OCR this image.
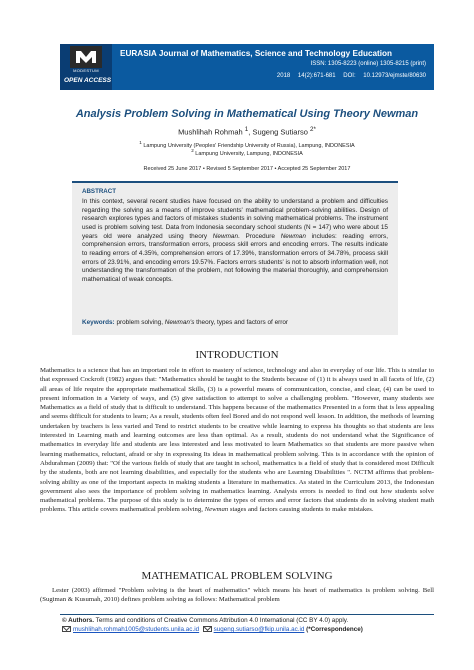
MODESTUM
OPEN ACCESS
EURASIA Journal of Mathematics, Science and Technology Education
ISSN: 1305-8223 (online) 1305-8215 (print)
2018 14(2):671-681 DOI: 10.12973/ejmste/80630
Analysis Problem Solving in Mathematical Using Theory Newman
Mushlihah Rohmah $^1$, Sugeng Sutiarso $^{2*}$
$^1$ Lampung University (Peoples' Friendship University of Russia), Lampung, INDONESIA
$^2$ Lampung University, Lampung, INDONESIA
Received 25 June 2017 • Revised 5 September 2017 • Accepted 25 September 2017
ABSTRACT
In this context, several recent studies have focused on the ability to understand a problem and difficulties regarding the solving as a means of improve students' mathematical problem-solving abilities. Design of research explores types and factors of mistakes students in solving mathematical problems. The instrument used is problem solving test. Data from Indonesia secondary school students (N = 147) who were about 15 years old were analyzed using theory Newman. Procedure Newman includes: reading errors, comprehension errors, transformation errors, process skill errors and encoding errors. The results indicate to reading errors of 4.35%, comprehension errors of 17.39%, transformation errors of 34.78%, process skill errors of 23.91%, and encoding errors 19.57%. Factors errors students' is not to absorb information well, not understanding the transformation of the problem, not following the material thoroughly, and comprehension mathematical of weak concepts.
Keywords: problem solving, Newman's theory, types and factors of error
INTRODUCTION
Mathematics is a science that has an important role in effort to mastery of science, technology and also in everyday of our life. This is similar to that expressed Cockroft (1982) argues that: "Mathematics should be taught to the Students because of (1) it is always used in all facets of life, (2) all areas of life require the appropriate mathematical Skills, (3) is a powerful means of communication, concise, and clear, (4) can be used to present information in a Variety of ways, and (5) give satisfaction to attempt to solve a challenging problem. "However, many students see Mathematics as a field of study that is difficult to understand. This happens because of the mathematics Presented in a form that is less appealing and seems difficult for students to learn; As a result, students often feel Bored and do not respond well lesson. In addition, the methods of learning undertaken by teachers is less varied and Tend to restrict students to be creative while learning to express his thoughts so that students are less interested in Learning math and learning outcomes are less than optimal. As a result, students do not understand what the Significance of mathematics in everyday life and students are less interested and less motivated to learn Mathematics so that students are more passive when learning mathematics, reluctant, afraid or shy in expressing Its ideas in mathematical problem solving. This is in accordance with the opinion of Abdurahman (2009) that: "Of the various fields of study that are taught in school, mathematics is a field of study that is considered most Difficult by the students, both are not learning disabilities, and especially for the students who are Learning Disabilities ". NCTM affirms that problem-solving ability as one of the important aspects in making students a literature in mathematics. As stated in the Curriculum 2013, the Indonesian government also sees the importance of problem solving in mathematics learning. Analysis errors is needed to find out how students solve mathematical problems. The purpose of this study is to determine the types of errors and error factors that students do in solving student math problems. This article covers mathematical problem solving, Newman stages and factors causing students to make mistakes.
MATHEMATICAL PROBLEM SOLVING
Lester (2003) affirmed "Problem solving is the heart of mathematics" which means his heart of mathematics is problem solving. Bell (Sugiman & Kusumah, 2010) defines problem solving as follows: Mathematical problem
© Authors. Terms and conditions of Creative Commons Attribution 4.0 International (CC BY 4.0) apply.
mushlihah.rohmah1005@students.unila.ac.id sugeng.sutiarso@fkip.unila.ac.id (*Correspondence)
